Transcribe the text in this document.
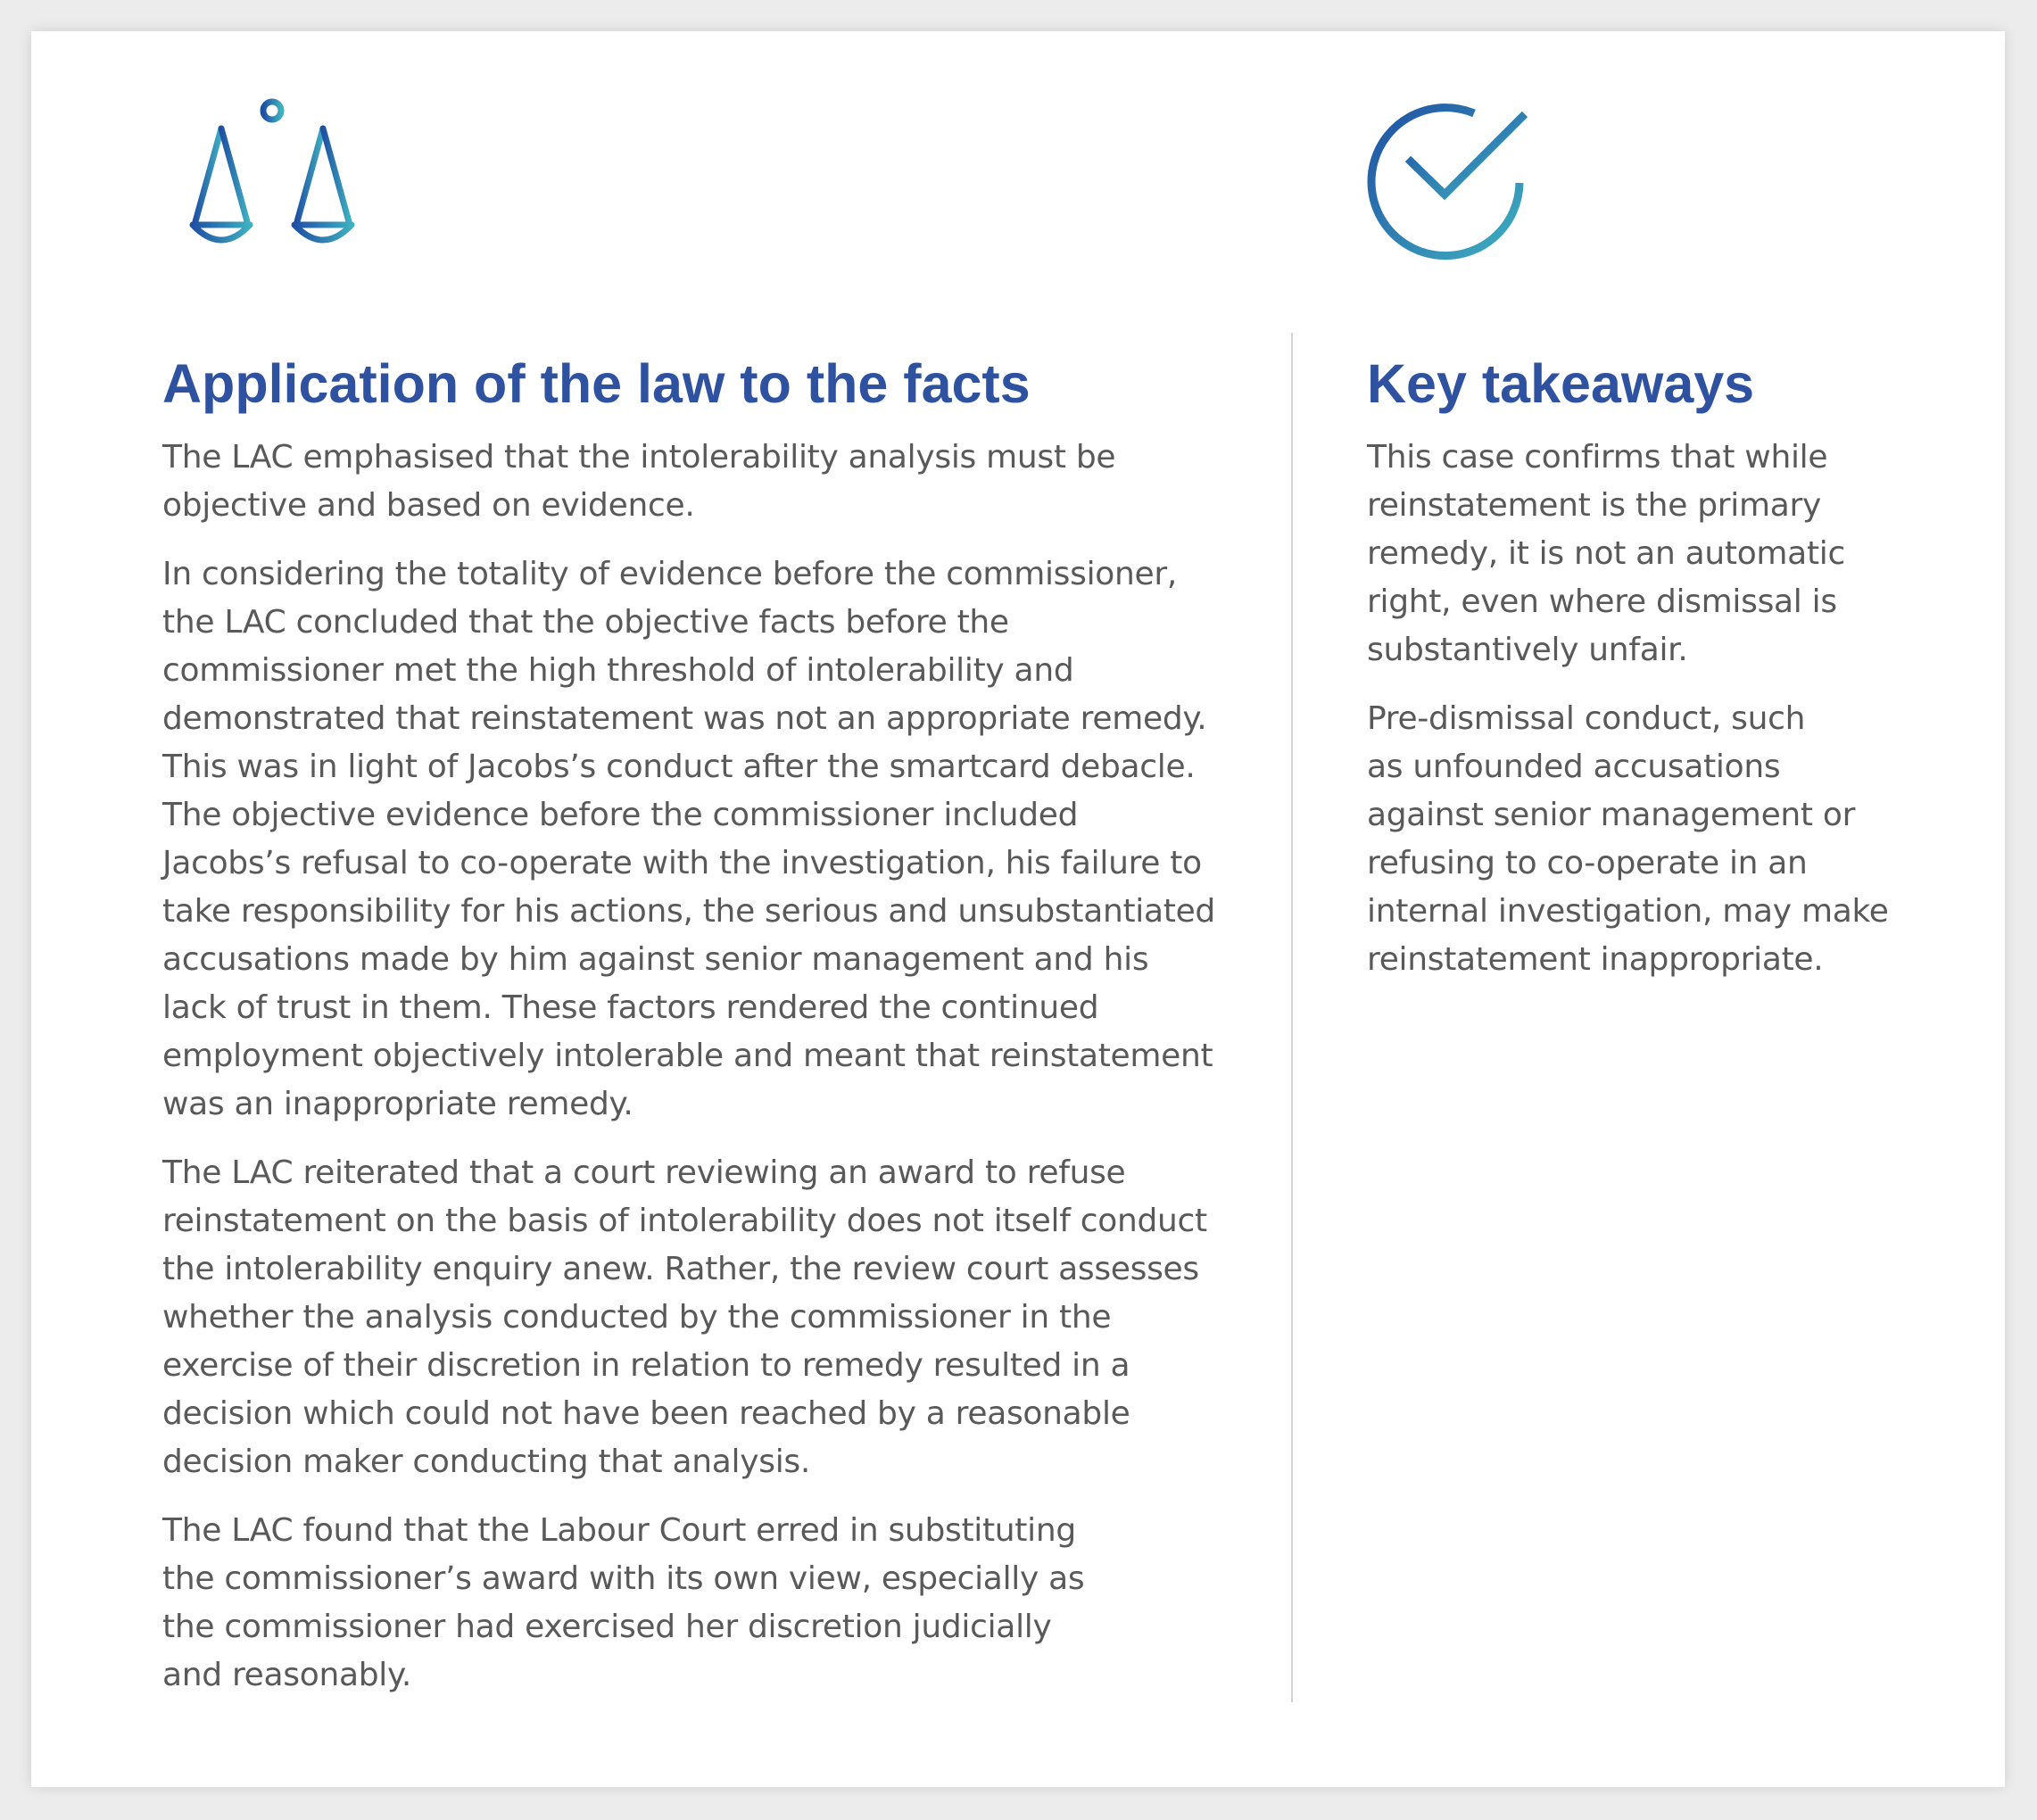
Application of the law to the facts

The LAC emphasised that the intolerability analysis must be
objective and based on evidence.

In considering the totality of evidence before the commissioner,
the LAC concluded that the objective facts before the
commissioner met the high threshold of intolerability and
demonstrated that reinstatement was not an appropriate remedy.
This was in light of Jacobs’s conduct after the smartcard debacle.
The objective evidence before the commissioner included
Jacobs’s refusal to co-operate with the investigation, his failure to
take responsibility for his actions, the serious and unsubstantiated
accusations made by him against senior management and his
lack of trust in them. These factors rendered the continued
employment objectively intolerable and meant that reinstatement
was an inappropriate remedy.

The LAC reiterated that a court reviewing an award to refuse
reinstatement on the basis of intolerability does not itself conduct
the intolerability enquiry anew. Rather, the review court assesses
whether the analysis conducted by the commissioner in the
exercise of their discretion in relation to remedy resulted in a
decision which could not have been reached by a reasonable
decision maker conducting that analysis.

The LAC found that the Labour Court erred in substituting
the commissioner’s award with its own view, especially as
the commissioner had exercised her discretion judicially
and reasonably.

Key takeaways

This case confirms that while
reinstatement is the primary
remedy, it is not an automatic
right, even where dismissal is
substantively unfair.

Pre-dismissal conduct, such
as unfounded accusations
against senior management or
refusing to co-operate in an
internal investigation, may make
reinstatement inappropriate.
